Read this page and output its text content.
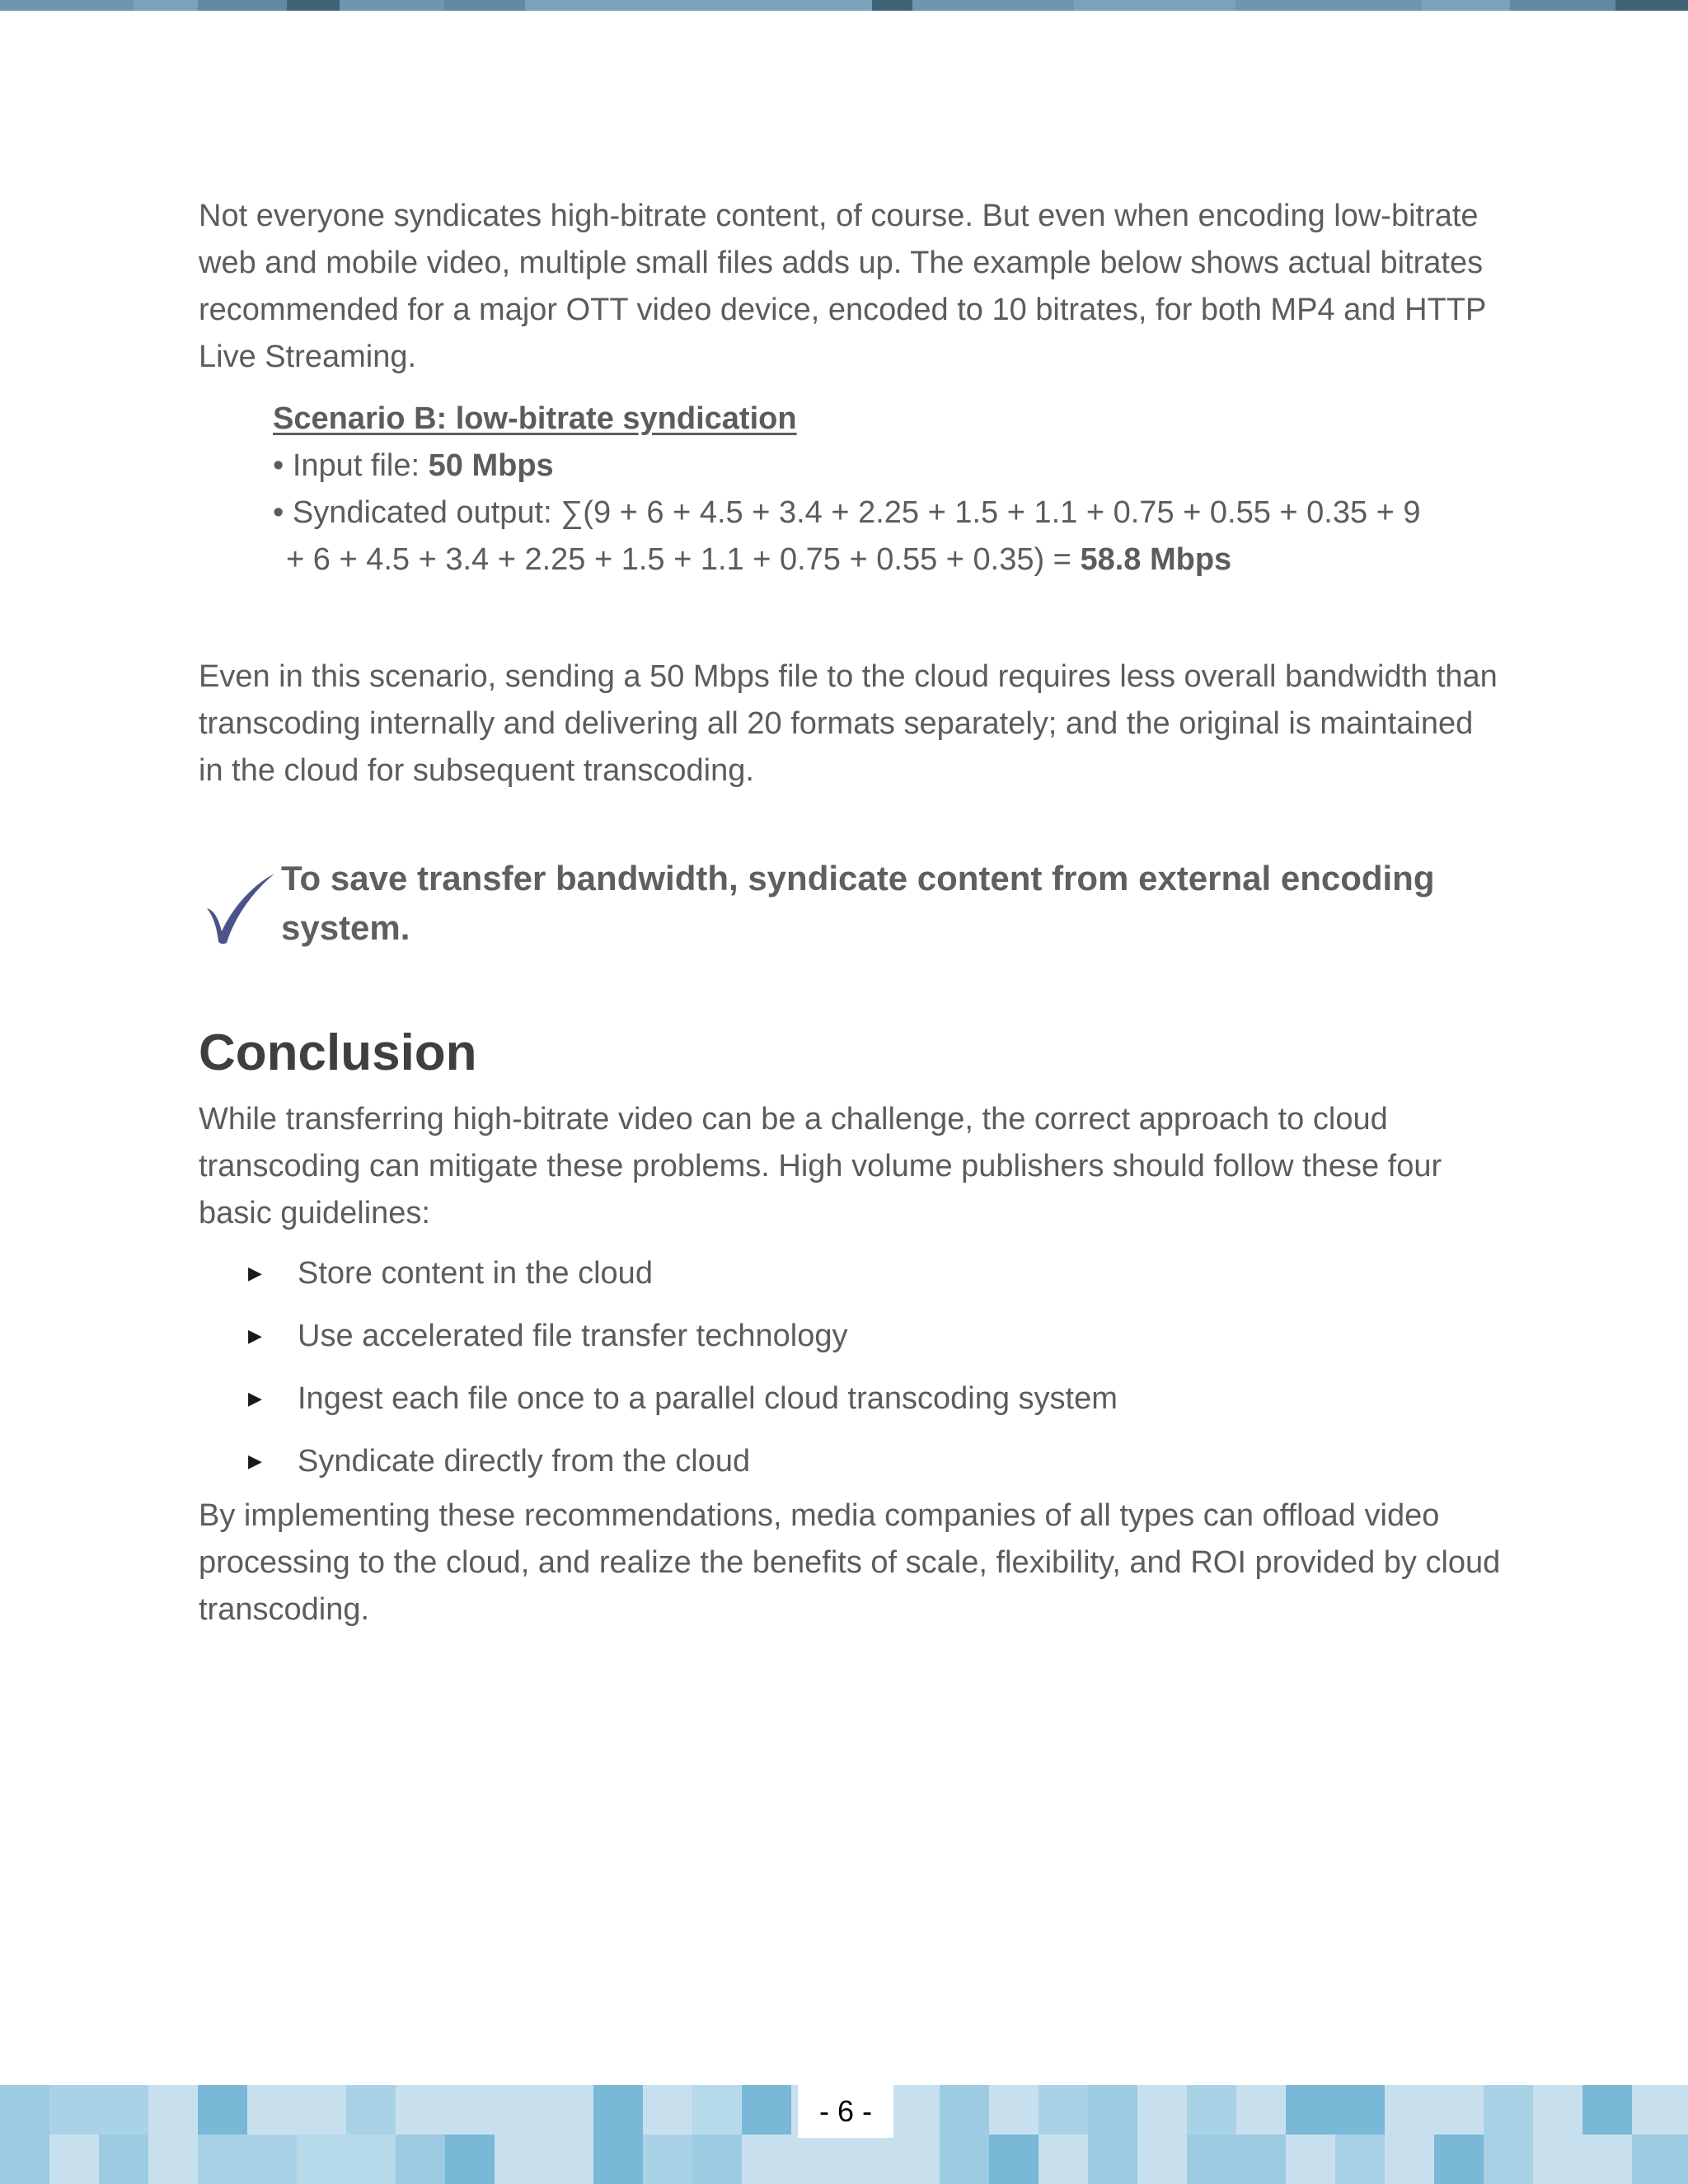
Not everyone syndicates high-bitrate content, of course. But even when encoding low-bitrate web and mobile video, multiple small files adds up. The example below shows actual bitrates recommended for a major OTT video device, encoded to 10 bitrates, for both MP4 and HTTP Live Streaming.

Scenario B: low-bitrate syndication
• Input file: 50 Mbps
• Syndicated output: ∑(9 + 6 + 4.5 + 3.4 + 2.25 + 1.5 + 1.1 + 0.75 + 0.55 + 0.35 + 9
+ 6 + 4.5 + 3.4 + 2.25 + 1.5 + 1.1 + 0.75 + 0.55 + 0.35) = 58.8 Mbps

Even in this scenario, sending a 50 Mbps file to the cloud requires less overall bandwidth than transcoding internally and delivering all 20 formats separately; and the original is maintained in the cloud for subsequent transcoding.

To save transfer bandwidth, syndicate content from external encoding system.
Conclusion

While transferring high-bitrate video can be a challenge, the correct approach to cloud transcoding can mitigate these problems. High volume publishers should follow these four basic guidelines:

▶	Store content in the cloud
▶	Use accelerated file transfer technology
▶	Ingest each file once to a parallel cloud transcoding system
▶	Syndicate directly from the cloud

By implementing these recommendations, media companies of all types can offload video processing to the cloud, and realize the benefits of scale, flexibility, and ROI provided by cloud transcoding.

- 6 -
